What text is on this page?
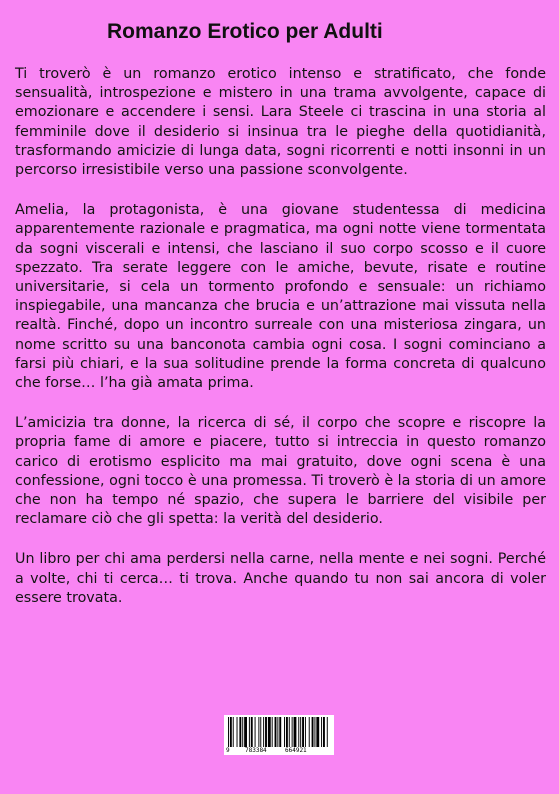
Romanzo Erotico per Adulti

Ti troverò è un romanzo erotico intenso e stratificato, che fonde sensualità, introspezione e mistero in una trama avvolgente, capace di emozionare e accendere i sensi. Lara Steele ci trascina in una storia al femminile dove il desiderio si insinua tra le pieghe della quotidianità, trasformando amicizie di lunga data, sogni ricorrenti e notti insonni in un percorso irresistibile verso una passione sconvolgente.

Amelia, la protagonista, è una giovane studentessa di medicina apparentemente razionale e pragmatica, ma ogni notte viene tormentata da sogni viscerali e intensi, che lasciano il suo corpo scosso e il cuore spezzato. Tra serate leggere con le amiche, bevute, risate e routine universitarie, si cela un tormento profondo e sensuale: un richiamo inspiegabile, una mancanza che brucia e un’attrazione mai vissuta nella realtà. Finché, dopo un incontro surreale con una misteriosa zingara, un nome scritto su una banconota cambia ogni cosa. I sogni cominciano a farsi più chiari, e la sua solitudine prende la forma concreta di qualcuno che forse… l’ha già amata prima.

L’amicizia tra donne, la ricerca di sé, il corpo che scopre e riscopre la propria fame di amore e piacere, tutto si intreccia in questo romanzo carico di erotismo esplicito ma mai gratuito, dove ogni scena è una confessione, ogni tocco è una promessa. Ti troverò è la storia di un amore che non ha tempo né spazio, che supera le barriere del visibile per reclamare ciò che gli spetta: la verità del desiderio.

Un libro per chi ama perdersi nella carne, nella mente e nei sogni. Perché a volte, chi ti cerca… ti trova. Anche quando tu non sai ancora di voler essere trovata.

9	783384	664921
